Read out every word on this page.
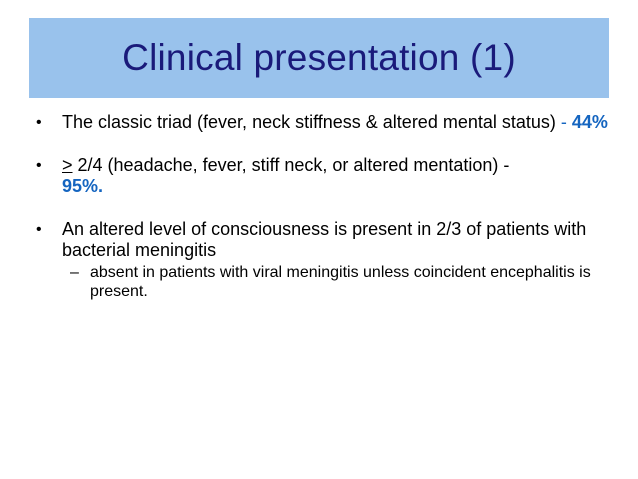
Clinical presentation (1)
• The classic triad (fever, neck stiffness & altered mental status) - 44%
• ≥ 2/4 (headache, fever, stiff neck, or altered mentation) -
95%.
• An altered level of consciousness is present in 2/3 of patients with bacterial meningitis
– absent in patients with viral meningitis unless coincident encephalitis is present.
